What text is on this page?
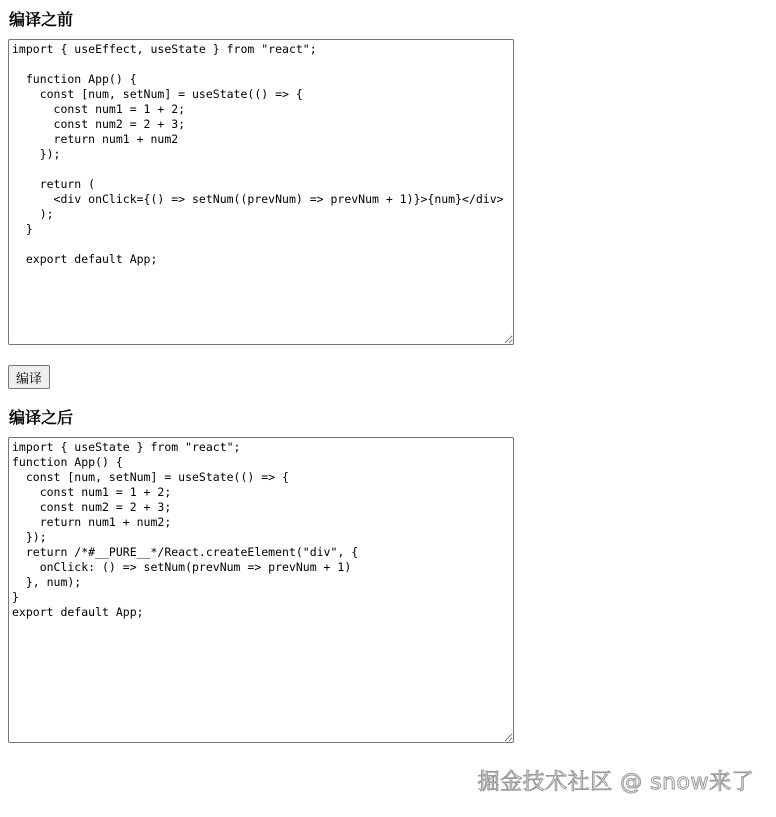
编译之前
import { useEffect, useState } from "react"; function App() { const [num, setNum] = useState(() => { const num1 = 1 + 2; const num2 = 2 + 3; return num1 + num2 }); return ( <div onClick={() => setNum((prevNum) => prevNum + 1)}>{num}</div> ); } export default App;
编译
编译之后
import { useState } from "react"; function App() { const [num, setNum] = useState(() => { const num1 = 1 + 2; const num2 = 2 + 3; return num1 + num2; }); return /*#__PURE__*/React.createElement("div", { onClick: () => setNum(prevNum => prevNum + 1) }, num); } export default App;
掘金技术社区 @ snow来了
